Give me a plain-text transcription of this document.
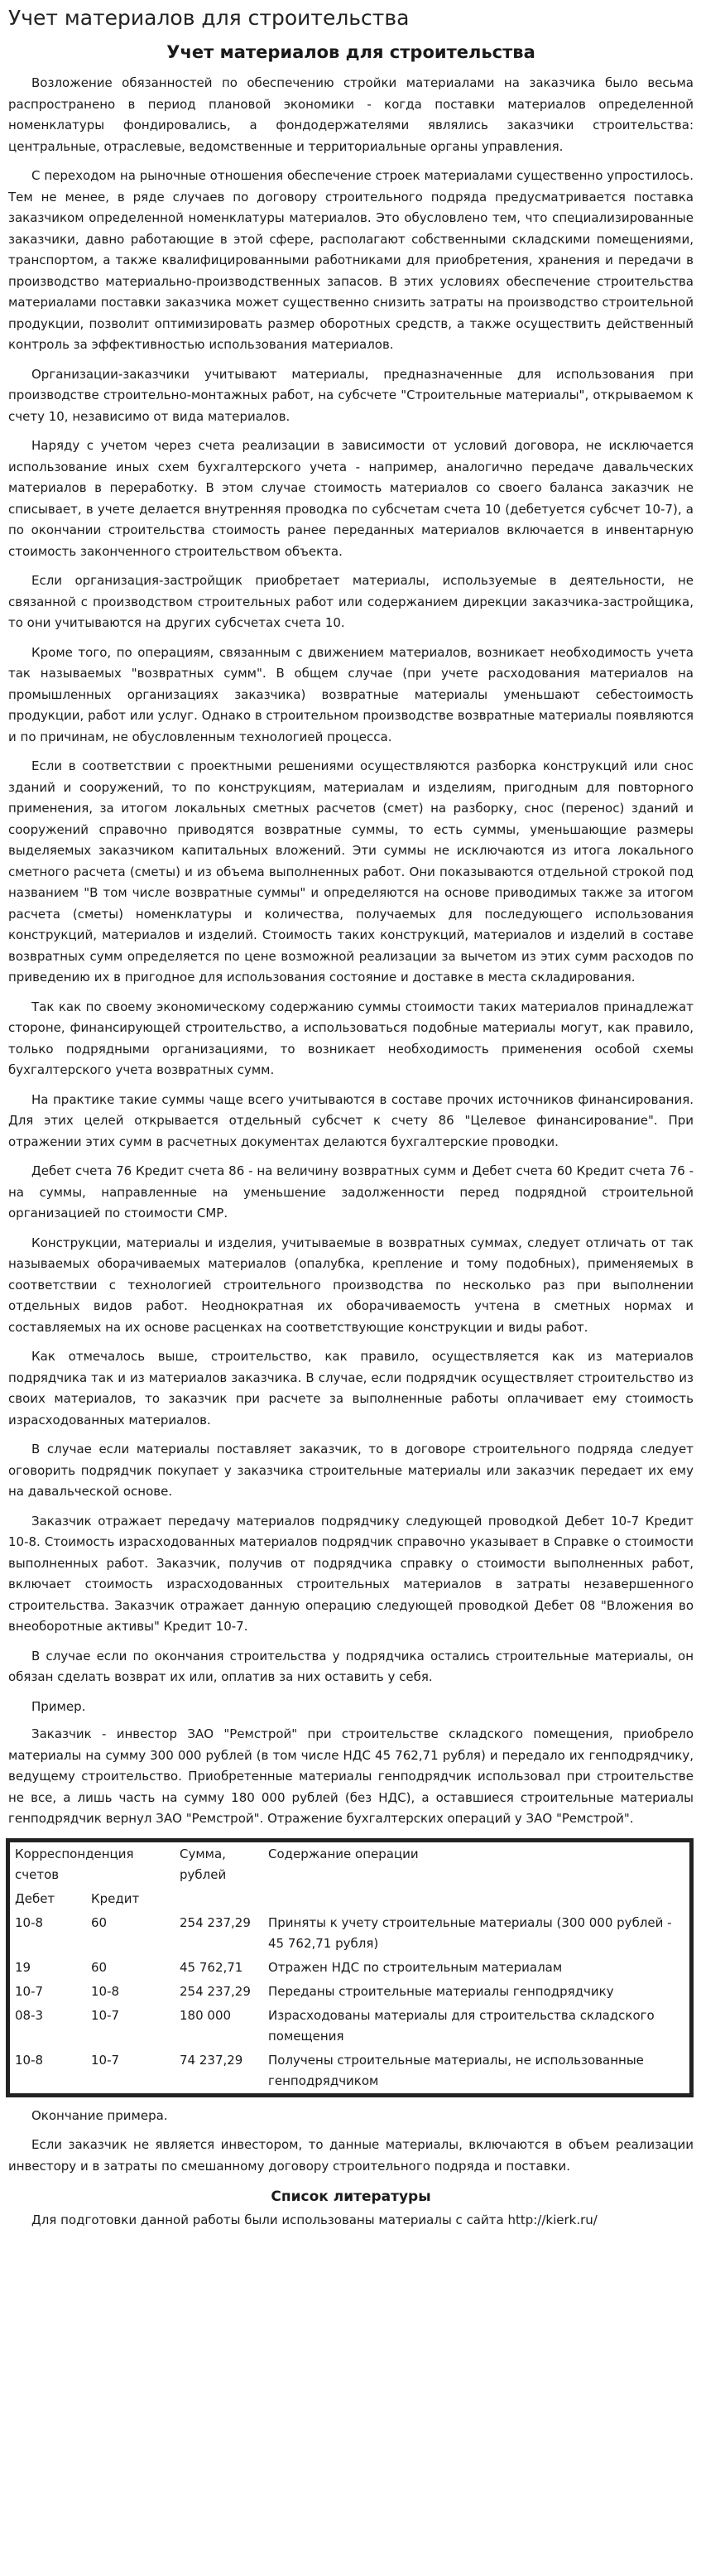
Учет материалов для строительства
Учет материалов для строительства

Возложение обязанностей по обеспечению стройки материалами на заказчика было весьма распространено в период плановой экономики - когда поставки материалов определенной номенклатуры фондировались, а фондодержателями являлись заказчики строительства: центральные, отраслевые, ведомственные и территориальные органы управления.

С переходом на рыночные отношения обеспечение строек материалами существенно упростилось. Тем не менее, в ряде случаев по договору строительного подряда предусматривается поставка заказчиком определенной номенклатуры материалов. Это обусловлено тем, что специализированные заказчики, давно работающие в этой сфере, располагают собственными складскими помещениями, транспортом, а также квалифицированными работниками для приобретения, хранения и передачи в производство материально-производственных запасов. В этих условиях обеспечение строительства материалами поставки заказчика может существенно снизить затраты на производство строительной продукции, позволит оптимизировать размер оборотных средств, а также осуществить действенный контроль за эффективностью использования материалов.

Организации-заказчики учитывают материалы, предназначенные для использования при производстве строительно-монтажных работ, на субсчете "Строительные материалы", открываемом к счету 10, независимо от вида материалов.

Наряду с учетом через счета реализации в зависимости от условий договора, не исключается использование иных схем бухгалтерского учета - например, аналогично передаче давальческих материалов в переработку. В этом случае стоимость материалов со своего баланса заказчик не списывает, в учете делается внутренняя проводка по субсчетам счета 10 (дебетуется субсчет 10-7), а по окончании строительства стоимость ранее переданных материалов включается в инвентарную стоимость законченного строительством объекта.

Если организация-застройщик приобретает материалы, используемые в деятельности, не связанной с производством строительных работ или содержанием дирекции заказчика-застройщика, то они учитываются на других субсчетах счета 10.

Кроме того, по операциям, связанным с движением материалов, возникает необходимость учета так называемых "возвратных сумм". В общем случае (при учете расходования материалов на промышленных организациях заказчика) возвратные материалы уменьшают себестоимость продукции, работ или услуг. Однако в строительном производстве возвратные материалы появляются и по причинам, не обусловленным технологией процесса.

Если в соответствии с проектными решениями осуществляются разборка конструкций или снос зданий и сооружений, то по конструкциям, материалам и изделиям, пригодным для повторного применения, за итогом локальных сметных расчетов (смет) на разборку, снос (перенос) зданий и сооружений справочно приводятся возвратные суммы, то есть суммы, уменьшающие размеры выделяемых заказчиком капитальных вложений. Эти суммы не исключаются из итога локального сметного расчета (сметы) и из объема выполненных работ. Они показываются отдельной строкой под названием "В том числе возвратные суммы" и определяются на основе приводимых также за итогом расчета (сметы) номенклатуры и количества, получаемых для последующего использования конструкций, материалов и изделий. Стоимость таких конструкций, материалов и изделий в составе возвратных сумм определяется по цене возможной реализации за вычетом из этих сумм расходов по приведению их в пригодное для использования состояние и доставке в места складирования.

Так как по своему экономическому содержанию суммы стоимости таких материалов принадлежат стороне, финансирующей строительство, а использоваться подобные материалы могут, как правило, только подрядными организациями, то возникает необходимость применения особой схемы бухгалтерского учета возвратных сумм.

На практике такие суммы чаще всего учитываются в составе прочих источников финансирования. Для этих целей открывается отдельный субсчет к счету 86 "Целевое финансирование". При отражении этих сумм в расчетных документах делаются бухгалтерские проводки.

Дебет счета 76 Кредит счета 86 - на величину возвратных сумм и Дебет счета 60 Кредит счета 76 - на суммы, направленные на уменьшение задолженности перед подрядной строительной организацией по стоимости СМР.

Конструкции, материалы и изделия, учитываемые в возвратных суммах, следует отличать от так называемых оборачиваемых материалов (опалубка, крепление и тому подобных), применяемых в соответствии с технологией строительного производства по несколько раз при выполнении отдельных видов работ. Неоднократная их оборачиваемость учтена в сметных нормах и составляемых на их основе расценках на соответствующие конструкции и виды работ.

Как отмечалось выше, строительство, как правило, осуществляется как из материалов подрядчика так и из материалов заказчика. В случае, если подрядчик осуществляет строительство из своих материалов, то заказчик при расчете за выполненные работы оплачивает ему стоимость израсходованных материалов.

В случае если материалы поставляет заказчик, то в договоре строительного подряда следует оговорить подрядчик покупает у заказчика строительные материалы или заказчик передает их ему на давальческой основе.

Заказчик отражает передачу материалов подрядчику следующей проводкой Дебет 10-7 Кредит 10-8. Стоимость израсходованных материалов подрядчик справочно указывает в Справке о стоимости выполненных работ. Заказчик, получив от подрядчика справку о стоимости выполненных работ, включает стоимость израсходованных строительных материалов в затраты незавершенного строительства. Заказчик отражает данную операцию следующей проводкой Дебет 08 "Вложения во внеоборотные активы" Кредит 10-7.

В случае если по окончания строительства у подрядчика остались строительные материалы, он обязан сделать возврат их или, оплатив за них оставить у себя.

Пример.

Заказчик - инвестор ЗАО "Ремстрой" при строительстве складского помещения, приобрело материалы на сумму 300 000 рублей (в том числе НДС 45 762,71 рубля) и передало их генподрядчику, ведущему строительство. Приобретенные материалы генподрядчик использовал при строительстве не все, а лишь часть на сумму 180 000 рублей (без НДС), а оставшиеся строительные материалы генподрядчик вернул ЗАО "Ремстрой". Отражение бухгалтерских операций у ЗАО "Ремстрой".

Корреспонденция счетов		Сумма, рублей	Содержание операции
Дебет	Кредит		
10-8	60	254 237,29	Приняты к учету строительные материалы (300 000 рублей - 45 762,71 рубля)
19	60	45 762,71	Отражен НДС по строительным материалам
10-7	10-8	254 237,29	Переданы строительные материалы генподрядчику
08-3	10-7	180 000	Израсходованы материалы для строительства складского помещения
10-8	10-7	74 237,29	Получены строительные материалы, не использованные генподрядчиком

Окончание примера.

Если заказчик не является инвестором, то данные материалы, включаются в объем реализации инвестору и в затраты по смешанному договору строительного подряда и поставки.

Список литературы

Для подготовки данной работы были использованы материалы с сайта http://kierk.ru/
